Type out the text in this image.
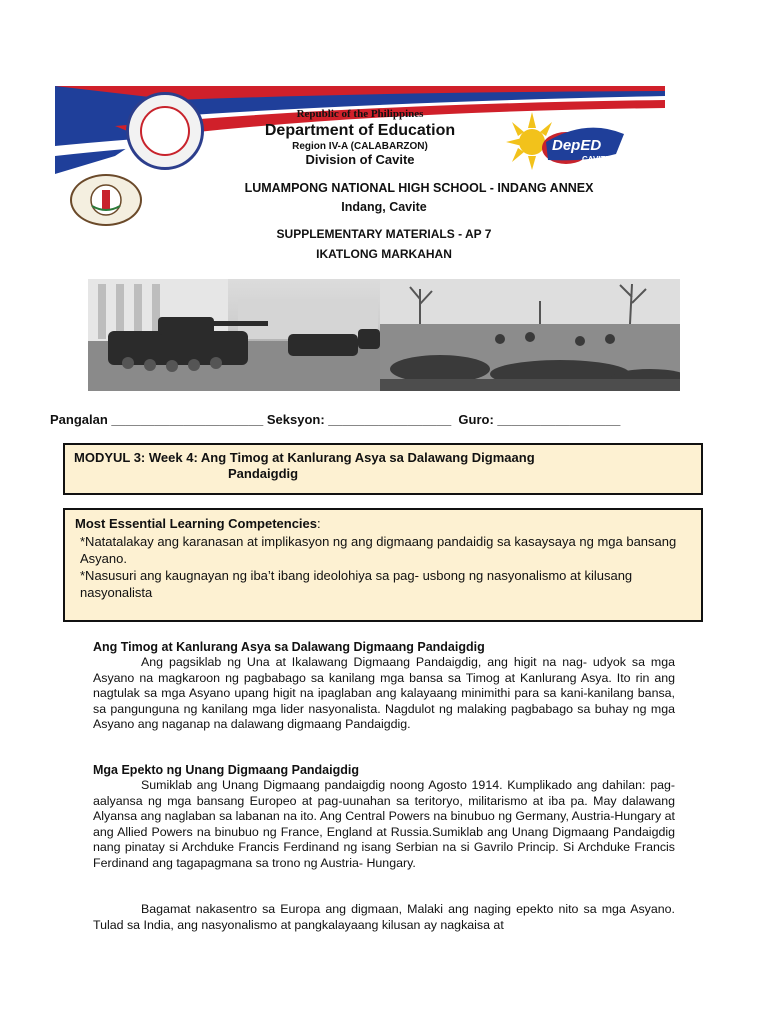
Republic of the Philippines
Department of Education
Region IV-A (CALABARZON)
Division of Cavite
DepED
CAVITE
LUMAMPONG NATIONAL HIGH SCHOOL - INDANG ANNEX
Indang, Cavite
SUPPLEMENTARY MATERIALS - AP 7
IKATLONG MARKAHAN
Pangalan _____________________ Seksyon: _________________  Guro: _________________
MODYUL 3: Week 4: Ang Timog at Kanlurang Asya sa Dalawang Digmaang
Pandaigdig
Most Essential Learning Competencies:
*Natatalakay ang karanasan at implikasyon ng ang digmaang pandaidig sa kasaysaya ng mga bansang Asyano.
*Nasusuri ang kaugnayan ng iba’t ibang ideolohiya sa pag- usbong ng nasyonalismo at kilusang nasyonalista
Ang Timog at Kanlurang Asya sa Dalawang Digmaang Pandaigdig
Ang pagsiklab ng Una at Ikalawang Digmaang Pandaigdig, ang higit na nag- udyok sa mga Asyano na magkaroon ng pagbabago sa kanilang mga bansa sa Timog at Kanlurang Asya. Ito rin ang nagtulak sa mga Asyano upang higit na ipaglaban ang kalayaang minimithi para sa kani-kanilang bansa, sa pangunguna ng kanilang mga lider nasyonalista. Nagdulot ng malaking pagbabago sa buhay ng mga Asyano ang naganap na dalawang digmaang Pandaigdig.
Mga Epekto ng Unang Digmaang Pandaigdig
Sumiklab ang Unang Digmaang pandaigdig noong Agosto 1914. Kumplikado ang dahilan: pag-aalyansa ng mga bansang Europeo at pag-uunahan sa teritoryo, militarismo at iba pa. May dalawang Alyansa ang naglaban sa labanan na ito. Ang Central Powers na binubuo ng Germany, Austria-Hungary at ang Allied Powers na binubuo ng France, England at Russia.Sumiklab ang Unang Digmaang Pandaigdig nang pinatay si Archduke Francis Ferdinand ng isang Serbian na si Gavrilo Princip. Si Archduke Francis Ferdinand ang tagapagmana sa trono ng Austria- Hungary.
Bagamat nakasentro sa Europa ang digmaan, Malaki ang naging epekto nito sa mga Asyano. Tulad sa India, ang nasyonalismo at pangkalayaang kilusan ay nagkaisa at
